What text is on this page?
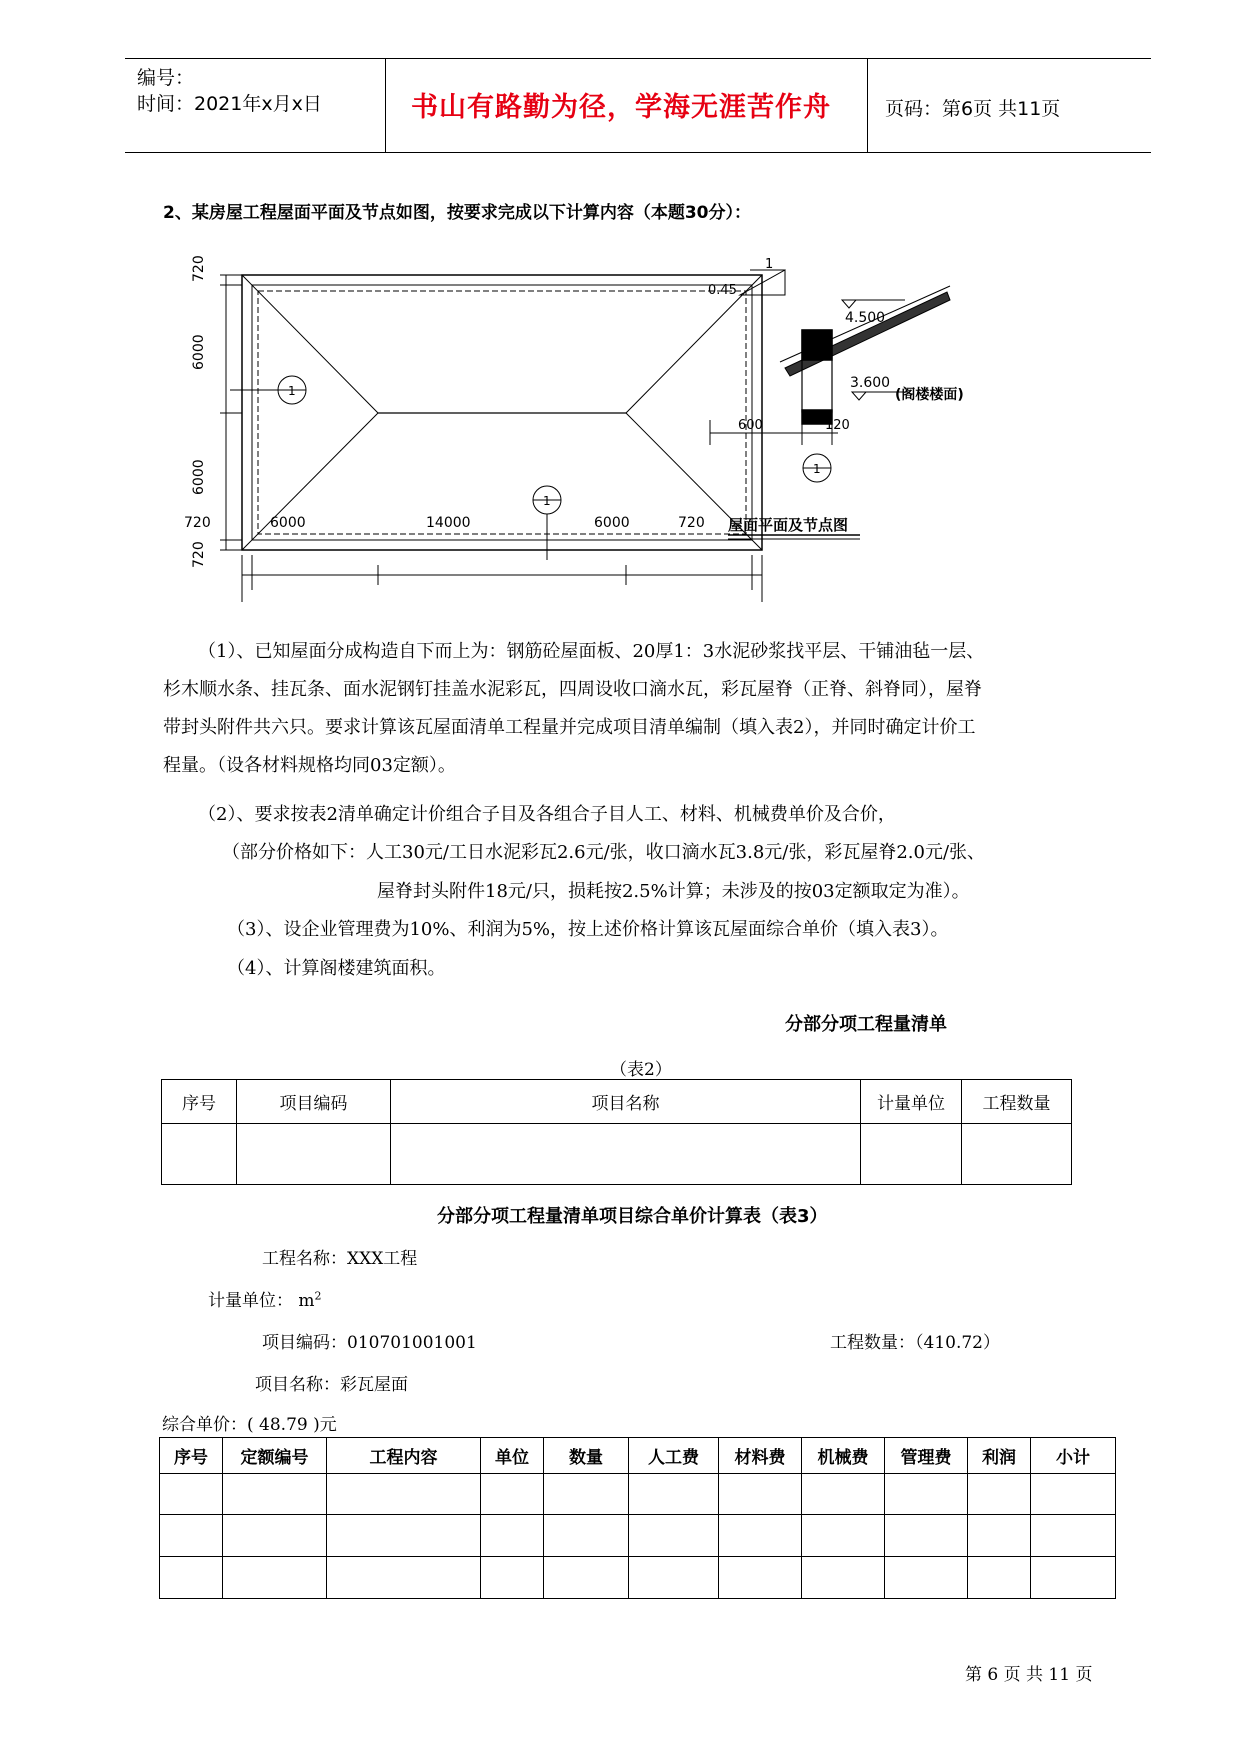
编号：
时间：2021年x月x日	书山有路勤为径，学海无涯苦作舟	页码：第6页 共11页
2、某房屋工程屋面平面及节点如图，按要求完成以下计算内容（本题30分）：
720
6000
6000
720
720	6000	14000	6000	720
1
1
1
1
0.45
4.500
3.600
(阁楼楼面)
600	120
屋面平面及节点图
（1）、已知屋面分成构造自下而上为：钢筋砼屋面板、20厚1：3水泥砂浆找平层、干铺油毡一层、
杉木顺水条、挂瓦条、面水泥钢钉挂盖水泥彩瓦，四周设收口滴水瓦，彩瓦屋脊（正脊、斜脊同），屋脊
带封头附件共六只。要求计算该瓦屋面清单工程量并完成项目清单编制（填入表2），并同时确定计价工
程量。（设各材料规格均同03定额）。
（2）、要求按表2清单确定计价组合子目及各组合子目人工、材料、机械费单价及合价，
（部分价格如下：人工30元/工日水泥彩瓦2.6元/张，收口滴水瓦3.8元/张，彩瓦屋脊2.0元/张、
屋脊封头附件18元/只，损耗按2.5%计算；未涉及的按03定额取定为准）。
（3）、设企业管理费为10%、利润为5%，按上述价格计算该瓦屋面综合单价（填入表3）。
（4）、计算阁楼建筑面积。
分部分项工程量清单
（表2）
序号	项目编码	项目名称	计量单位	工程数量

分部分项工程量清单项目综合单价计算表（表3）
工程名称：XXX工程
计量单位： $m^2$
项目编码：010701001001	工程数量：（410.72）
项目名称：彩瓦屋面
综合单价：( 48.79 )元
序号	定额编号	工程内容	单位	数量	人工费	材料费	机械费	管理费	利润	小计

第 6 页 共 11 页
